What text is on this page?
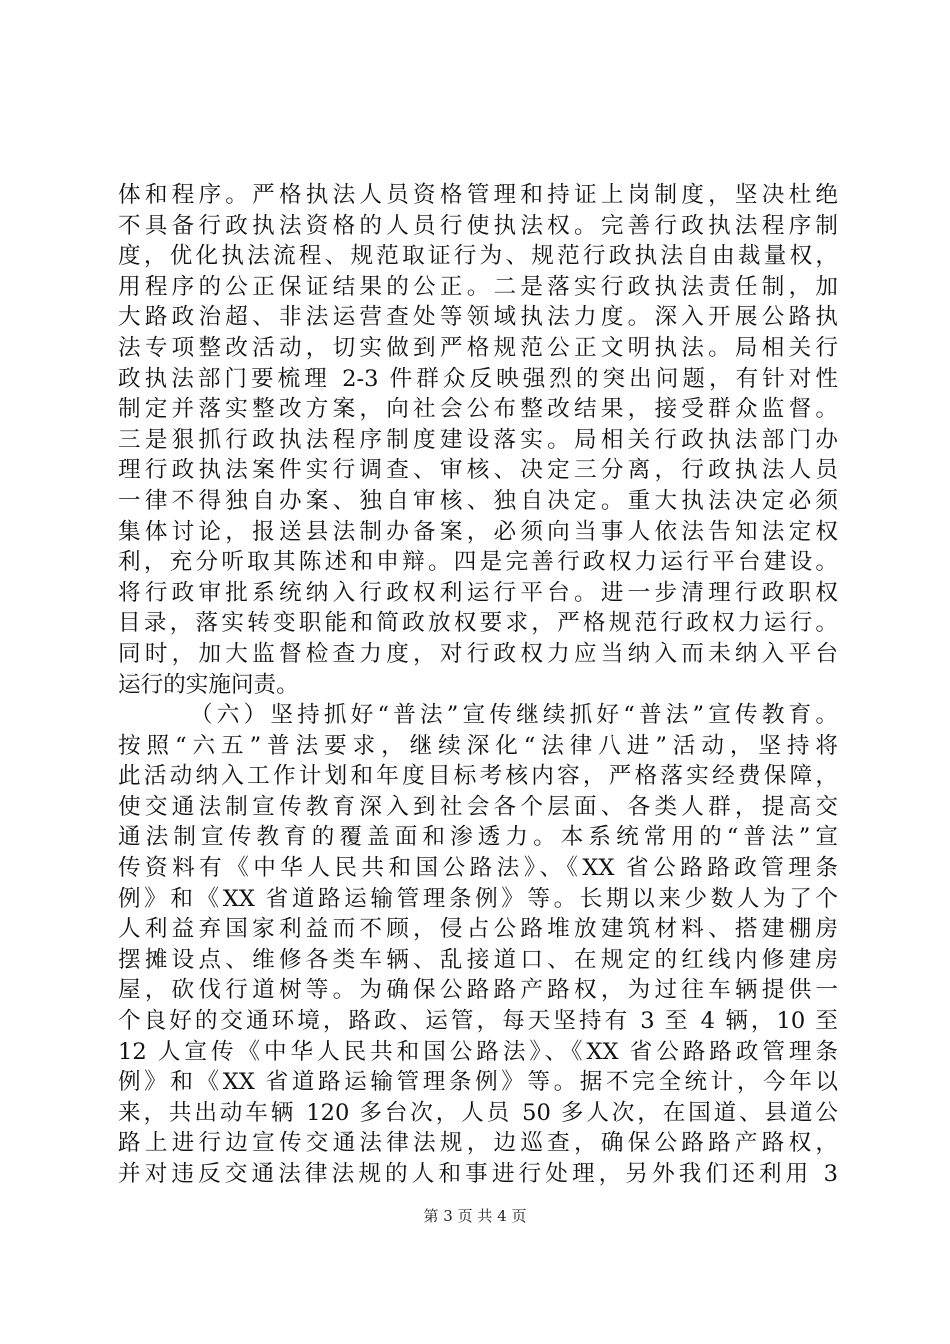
体和程序。严格执法人员资格管理和持证上岗制度，坚决杜绝
不具备行政执法资格的人员行使执法权。完善行政执法程序制
度，优化执法流程、规范取证行为、规范行政执法自由裁量权，
用程序的公正保证结果的公正。二是落实行政执法责任制，加
大路政治超、非法运营查处等领域执法力度。深入开展公路执
法专项整改活动，切实做到严格规范公正文明执法。局相关行
政执法部门要梳理 2-3 件群众反映强烈的突出问题，有针对性
制定并落实整改方案，向社会公布整改结果，接受群众监督。
三是狠抓行政执法程序制度建设落实。局相关行政执法部门办
理行政执法案件实行调查、审核、决定三分离，行政执法人员
一律不得独自办案、独自审核、独自决定。重大执法决定必须
集体讨论，报送县法制办备案，必须向当事人依法告知法定权
利，充分听取其陈述和申辩。四是完善行政权力运行平台建设。
将行政审批系统纳入行政权利运行平台。进一步清理行政职权
目录，落实转变职能和简政放权要求，严格规范行政权力运行。
同时，加大监督检查力度，对行政权力应当纳入而未纳入平台
运行的实施问责。
（六）坚持抓好“普法”宣传继续抓好“普法”宣传教育。
按照“六五”普法要求，继续深化“法律八进”活动，坚持将
此活动纳入工作计划和年度目标考核内容，严格落实经费保障，
使交通法制宣传教育深入到社会各个层面、各类人群，提高交
通法制宣传教育的覆盖面和渗透力。本系统常用的“普法”宣
传资料有《中华人民共和国公路法》、《XX 省公路路政管理条
例》和《XX 省道路运输管理条例》等。长期以来少数人为了个
人利益弃国家利益而不顾，侵占公路堆放建筑材料、搭建棚房
摆摊设点、维修各类车辆、乱接道口、在规定的红线内修建房
屋，砍伐行道树等。为确保公路路产路权，为过往车辆提供一
个良好的交通环境，路政、运管，每天坚持有 3 至 4 辆，10 至
12 人宣传《中华人民共和国公路法》、《XX 省公路路政管理条
例》和《XX 省道路运输管理条例》等。据不完全统计，今年以
来，共出动车辆 120 多台次，人员 50 多人次，在国道、县道公
路上进行边宣传交通法律法规，边巡查，确保公路路产路权，
并对违反交通法律法规的人和事进行处理，另外我们还利用 3
第 3 页 共 4 页
